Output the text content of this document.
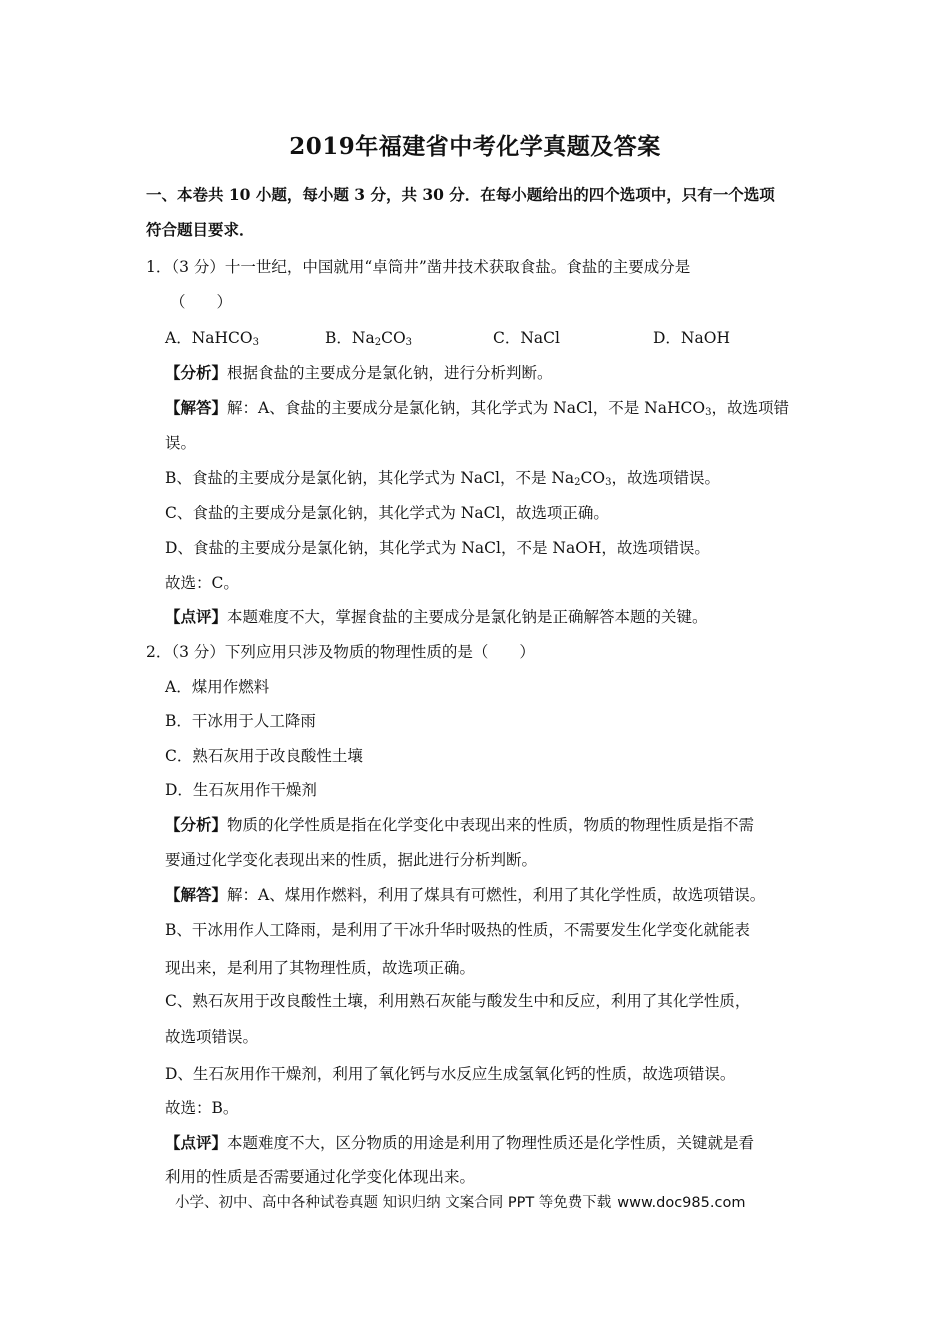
2019年福建省中考化学真题及答案
一、本卷共 10 小题，每小题 3 分，共 30 分．在每小题给出的四个选项中，只有一个选项
符合题目要求．
1．（3 分）十一世纪，中国就用“卓筒井”凿井技术获取食盐。食盐的主要成分是
（　　）
A．NaHCO$_3$	B．$Na_2CO_3$	C．NaCl	D．NaOH
【分析】根据食盐的主要成分是氯化钠，进行分析判断。
【解答】解：A、食盐的主要成分是氯化钠，其化学式为 NaCl，不是 NaHCO$_3$，故选项错
误。
B、食盐的主要成分是氯化钠，其化学式为 NaCl，不是 $Na_2CO_3$，故选项错误。
C、食盐的主要成分是氯化钠，其化学式为 NaCl，故选项正确。
D、食盐的主要成分是氯化钠，其化学式为 NaCl，不是 NaOH，故选项错误。
故选：C。
【点评】本题难度不大，掌握食盐的主要成分是氯化钠是正确解答本题的关键。
2．（3 分）下列应用只涉及物质的物理性质的是（　　）
A．煤用作燃料
B．干冰用于人工降雨
C．熟石灰用于改良酸性土壤
D．生石灰用作干燥剂
【分析】物质的化学性质是指在化学变化中表现出来的性质，物质的物理性质是指不需
要通过化学变化表现出来的性质，据此进行分析判断。
【解答】解：A、煤用作燃料，利用了煤具有可燃性，利用了其化学性质，故选项错误。
B、干冰用作人工降雨，是利用了干冰升华时吸热的性质，不需要发生化学变化就能表
现出来，是利用了其物理性质，故选项正确。
C、熟石灰用于改良酸性土壤，利用熟石灰能与酸发生中和反应，利用了其化学性质，
故选项错误。
D、生石灰用作干燥剂，利用了氧化钙与水反应生成氢氧化钙的性质，故选项错误。
故选：B。
【点评】本题难度不大，区分物质的用途是利用了物理性质还是化学性质，关键就是看
利用的性质是否需要通过化学变化体现出来。
小学、初中、高中各种试卷真题 知识归纳 文案合同 PPT 等免费下载 www.doc985.com
